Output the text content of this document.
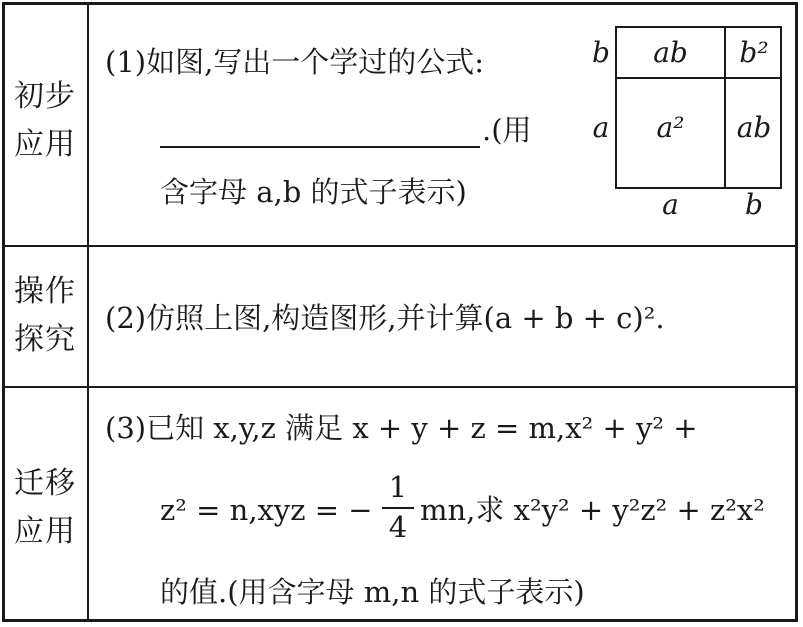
初步
应用
(1)如图,写出一个学过的公式:
.(用
含字母 a,b 的式子表示)
ab	b²
a²	ab
b
a
a	b
操作
探究
(2)仿照上图,构造图形,并计算(a + b + c)².
迁移
应用
(3)已知 x,y,z 满足 x + y + z = m,x² + y² +
z² = n,xyz = −
1
4 mn,求 x²y² + y²z² + z²x²
的值.(用含字母 m,n 的式子表示)
